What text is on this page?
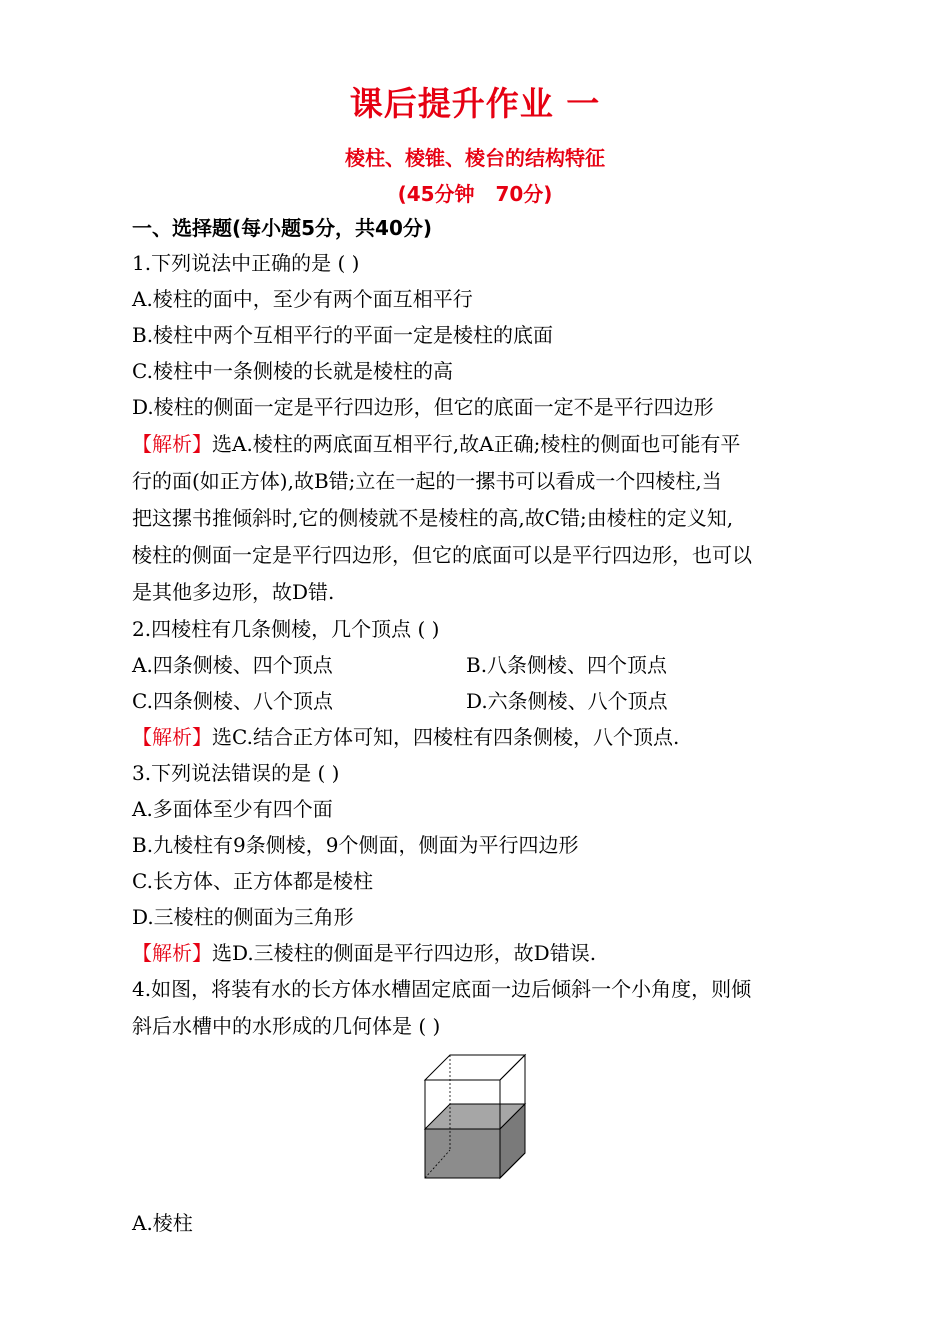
课后提升作业 一
棱柱、棱锥、棱台的结构特征
(45分钟   70分)
一、选择题(每小题5分，共40分)
1.下列说法中正确的是 ( )
A.棱柱的面中，至少有两个面互相平行
B.棱柱中两个互相平行的平面一定是棱柱的底面
C.棱柱中一条侧棱的长就是棱柱的高
D.棱柱的侧面一定是平行四边形，但它的底面一定不是平行四边形
【解析】选A.棱柱的两底面互相平行,故A正确;棱柱的侧面也可能有平
行的面(如正方体),故B错;立在一起的一摞书可以看成一个四棱柱,当
把这摞书推倾斜时,它的侧棱就不是棱柱的高,故C错;由棱柱的定义知,
棱柱的侧面一定是平行四边形，但它的底面可以是平行四边形，也可以
是其他多边形，故D错.
2.四棱柱有几条侧棱，几个顶点 ( )
A.四条侧棱、四个顶点	B.八条侧棱、四个顶点
C.四条侧棱、八个顶点	D.六条侧棱、八个顶点
【解析】选C.结合正方体可知，四棱柱有四条侧棱，八个顶点.
3.下列说法错误的是 ( )
A.多面体至少有四个面
B.九棱柱有9条侧棱，9个侧面，侧面为平行四边形
C.长方体、正方体都是棱柱
D.三棱柱的侧面为三角形
【解析】选D.三棱柱的侧面是平行四边形，故D错误.
4.如图，将装有水的长方体水槽固定底面一边后倾斜一个小角度，则倾
斜后水槽中的水形成的几何体是 ( )
A.棱柱
